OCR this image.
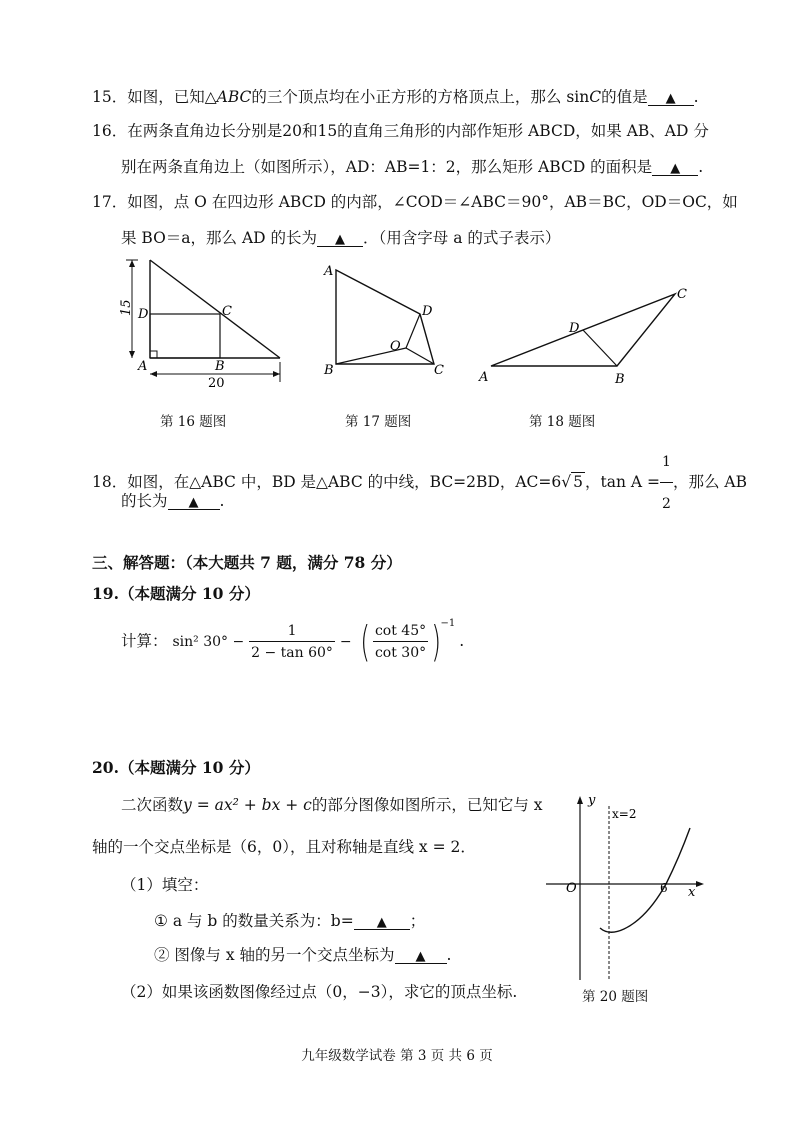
15．如图，已知△ABC的三个顶点均在小正方形的方格顶点上，那么 sinC的值是 ▲ .
16．在两条直角边长分别是20和15的直角三角形的内部作矩形 ABCD，如果 AB、AD 分
别在两条直角边上（如图所示），AD：AB=1：2，那么矩形 ABCD 的面积是 ▲ .
17．如图，点 O 在四边形 ABCD 的内部，∠COD＝∠ABC＝90°，AB＝BC，OD＝OC，如
果 BO＝a，那么 AD 的长为 ▲ ．（用含字母 a 的式子表示）
15 D	C
A	B
20
第 16 题图
A
D
O
B	C
第 17 题图
C
D
A	B
第 18 题图
18．如图，在△ABC 中，BD 是△ABC 的中线，BC=2BD，AC=6√ 5 ，$\tan A = \frac{1}{2}$ ，那么 AB
的长为 ▲ .
三、解答题：（本大题共 7 题，满分 78 分）
19.（本题满分 10 分）
计算： sin² $30^\circ - \frac{1}{2 - \tan 60^\circ}$ − ( $\frac{\cot 45^\circ}{\cot 30^\circ} )^{-1}$.
20.（本题满分 10 分）
二次函数y = ax² + bx + c的部分图像如图所示，已知它与 x
轴的一个交点坐标是（6，0），且对称轴是直线 x = 2．
（1）填空：
① a 与 b 的数量关系为：b= ▲ ；
② 图像与 x 轴的另一个交点坐标为 ▲ .
（2）如果该函数图像经过点（0，−3），求它的顶点坐标.
y
x=2
O	6 x
第 20 题图
九年级数学试卷 第 3 页 共 6 页
